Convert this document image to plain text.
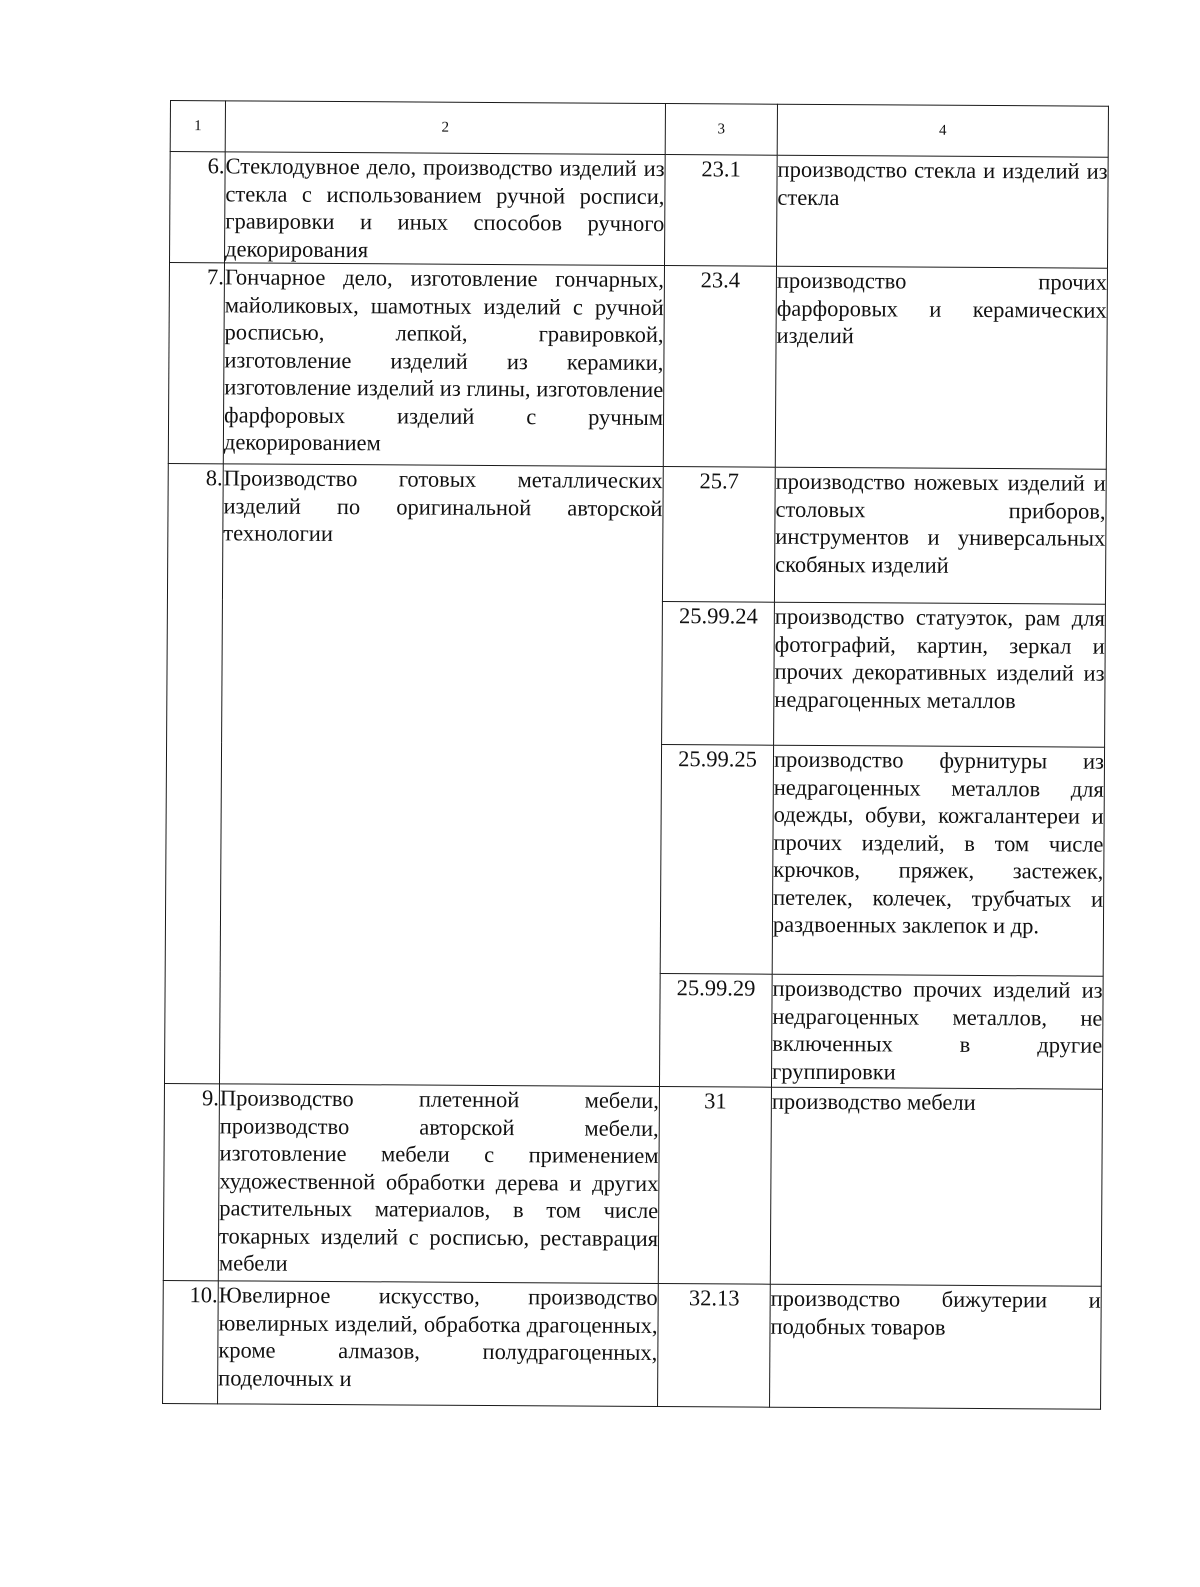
1	2	3	4
6.	Стеклодувное дело, производство изделий из стекла с использованием ручной росписи, гравировки и иных способов ручного декорирования	23.1	производство стекла и изделий из стекла
7.	Гончарное дело, изготовление гончарных, майоликовых, шамотных изделий с ручной росписью, лепкой, гравировкой, изготовление изделий из керамики, изготовление изделий из глины, изготовление фарфоровых изделий с ручным декорированием	23.4	производство прочих фарфоровых и керамических изделий
8.	Производство готовых металлических изделий по оригинальной авторской технологии	25.7	производство ножевых изделий и столовых приборов, инструментов и универсальных скобяных изделий
		25.99.24	производство статуэток, рам для фотографий, картин, зеркал и прочих декоративных изделий из недрагоценных металлов
		25.99.25	производство фурнитуры из недрагоценных металлов для одежды, обуви, кожгалантереи и прочих изделий, в том числе крючков, пряжек, застежек, петелек, колечек, трубчатых и раздвоенных заклепок и др.
		25.99.29	производство прочих изделий из недрагоценных металлов, не включенных в другие группировки
9.	Производство плетенной мебели, производство авторской мебели, изготовление мебели с применением художественной обработки дерева и других растительных материалов, в том числе токарных изделий с росписью, реставрация мебели	31	производство мебели
10.	Ювелирное искусство, производство ювелирных изделий, обработка драгоценных, кроме алмазов, полудрагоценных, поделочных и	32.13	производство бижутерии и подобных товаров
